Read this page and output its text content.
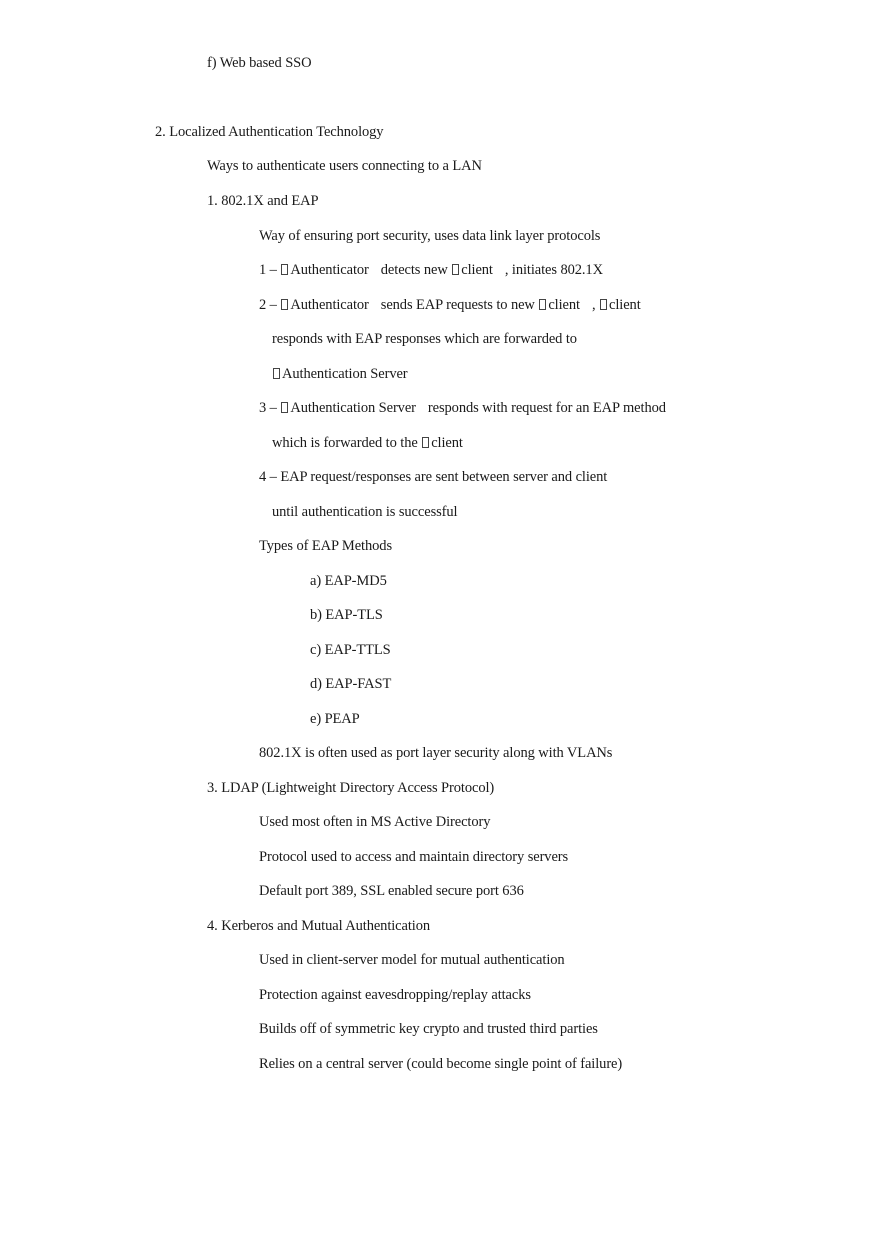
f) Web based SSO
2. Localized Authentication Technology
Ways to authenticate users connecting to a LAN
1. 802.1X and EAP
Way of ensuring port security, uses data link layer protocols
1 – Authenticator detects new client , initiates 802.1X
2 – Authenticator sends EAP requests to new client , client
responds with EAP responses which are forwarded to
Authentication Server
3 – Authentication Server responds with request for an EAP method
which is forwarded to the client
4 – EAP request/responses are sent between server and client
until authentication is successful
Types of EAP Methods
a) EAP-MD5
b) EAP-TLS
c) EAP-TTLS
d) EAP-FAST
e) PEAP
802.1X is often used as port layer security along with VLANs
3. LDAP (Lightweight Directory Access Protocol)
Used most often in MS Active Directory
Protocol used to access and maintain directory servers
Default port 389, SSL enabled secure port 636
4. Kerberos and Mutual Authentication
Used in client-server model for mutual authentication
Protection against eavesdropping/replay attacks
Builds off of symmetric key crypto and trusted third parties
Relies on a central server (could become single point of failure)
